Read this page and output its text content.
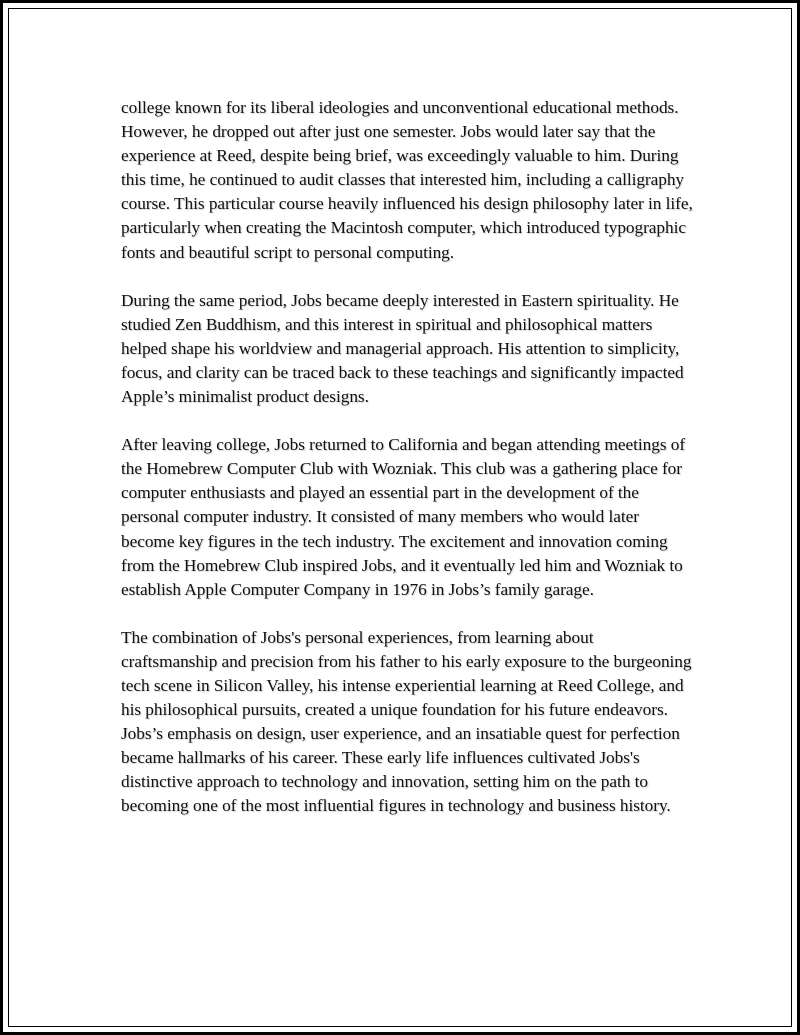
college known for its liberal ideologies and unconventional educational methods. However, he dropped out after just one semester. Jobs would later say that the experience at Reed, despite being brief, was exceedingly valuable to him. During this time, he continued to audit classes that interested him, including a calligraphy course. This particular course heavily influenced his design philosophy later in life, particularly when creating the Macintosh computer, which introduced typographic fonts and beautiful script to personal computing.

During the same period, Jobs became deeply interested in Eastern spirituality. He studied Zen Buddhism, and this interest in spiritual and philosophical matters helped shape his worldview and managerial approach. His attention to simplicity, focus, and clarity can be traced back to these teachings and significantly impacted Apple’s minimalist product designs.

After leaving college, Jobs returned to California and began attending meetings of the Homebrew Computer Club with Wozniak. This club was a gathering place for computer enthusiasts and played an essential part in the development of the personal computer industry. It consisted of many members who would later become key figures in the tech industry. The excitement and innovation coming from the Homebrew Club inspired Jobs, and it eventually led him and Wozniak to establish Apple Computer Company in 1976 in Jobs’s family garage.

The combination of Jobs's personal experiences, from learning about craftsmanship and precision from his father to his early exposure to the burgeoning tech scene in Silicon Valley, his intense experiential learning at Reed College, and his philosophical pursuits, created a unique foundation for his future endeavors. Jobs’s emphasis on design, user experience, and an insatiable quest for perfection became hallmarks of his career. These early life influences cultivated Jobs's distinctive approach to technology and innovation, setting him on the path to becoming one of the most influential figures in technology and business history.
